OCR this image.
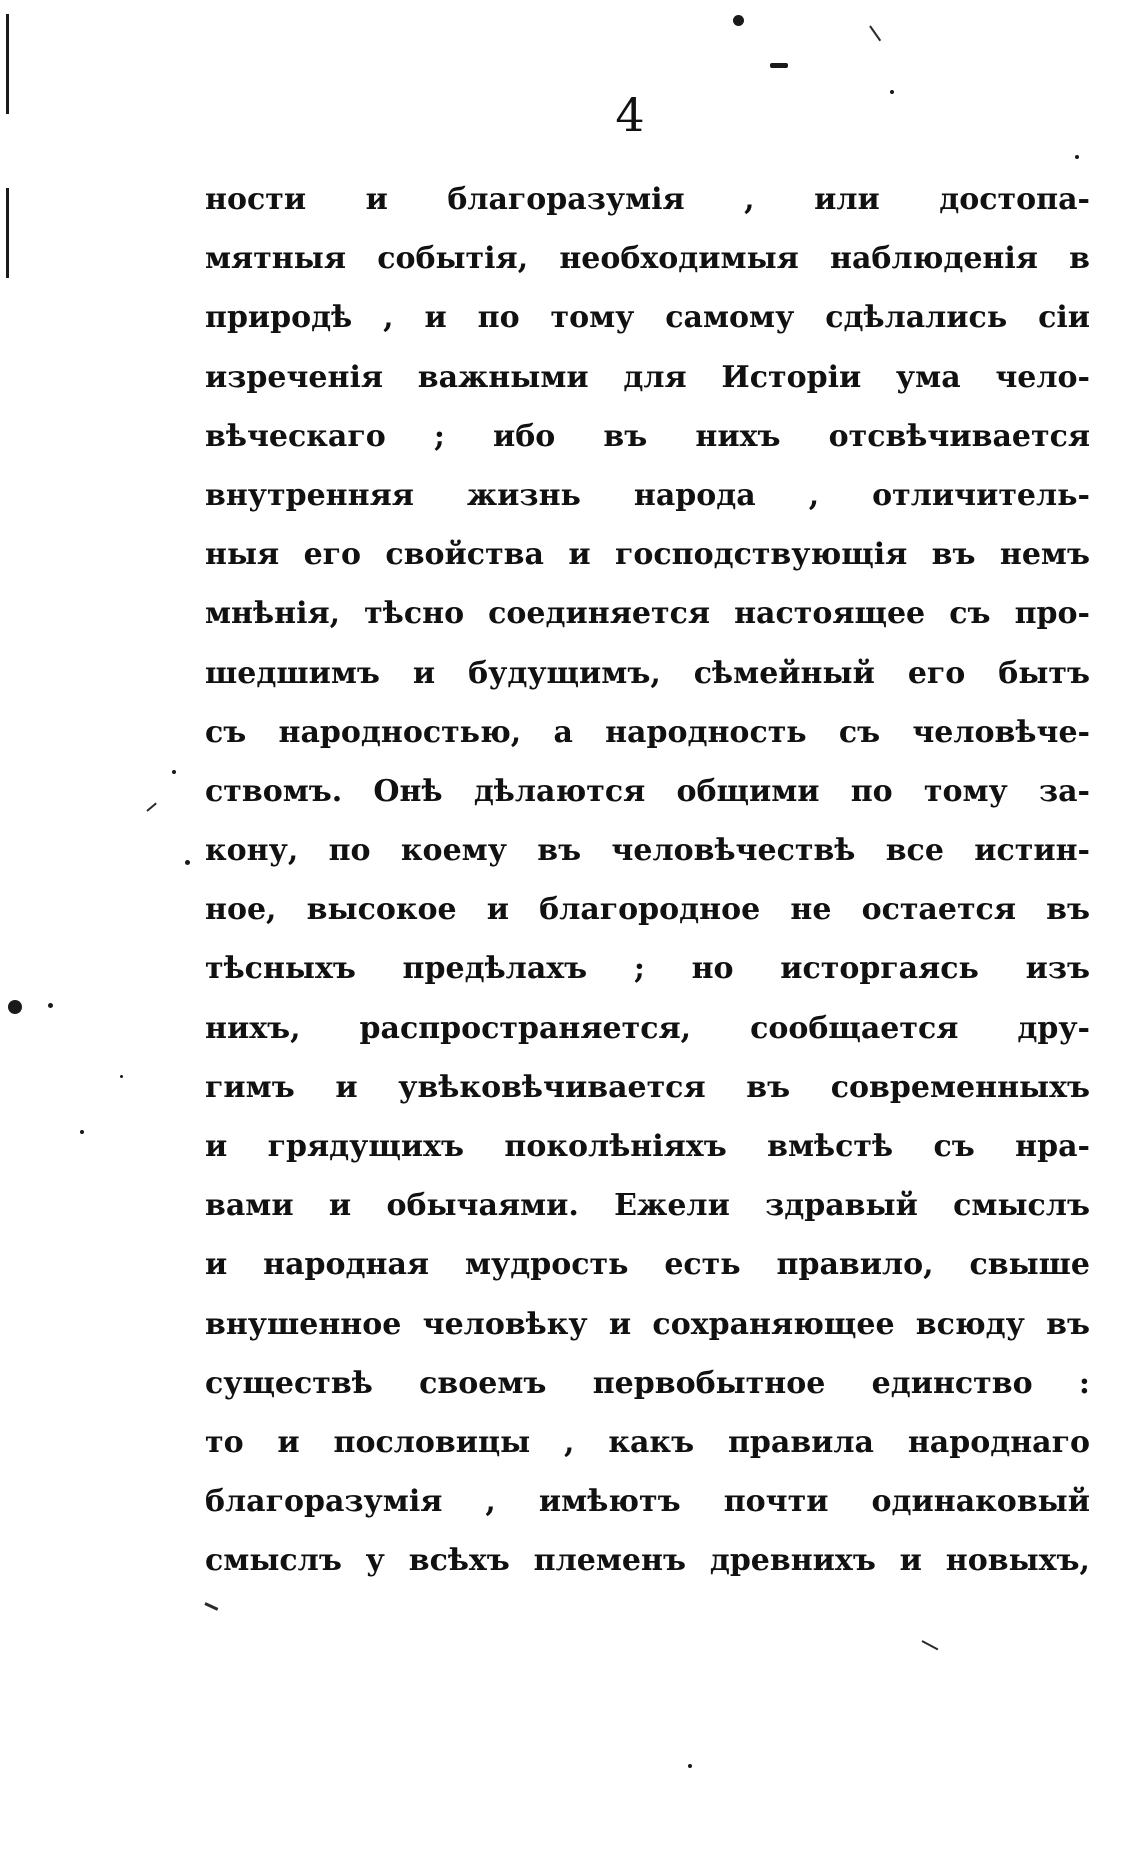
4
ности и благоразумія , или достопа-
мятныя событія, необходимыя наблюденія в
природѣ , и по тому самому сдѣлались сіи
изреченія важными для Исторіи ума чело-
вѣческаго ; ибо въ нихъ отсвѣчивается
внутренняя жизнь народа , отличитель-
ныя его свойства и господствующія въ немъ
мнѣнія, тѣсно соединяется настоящее съ про-
шедшимъ и будущимъ, сѣмейный его бытъ
съ народностью, а народность съ человѣче-
ствомъ. Онѣ дѣлаются общими по тому за-
кону, по коему въ человѣчествѣ все истин-
ное, высокое и благородное не остается въ
тѣсныхъ предѣлахъ ; но исторгаясь изъ
нихъ, распространяется, сообщается дру-
гимъ и увѣковѣчивается въ современныхъ
и грядущихъ поколѣніяхъ вмѣстѣ съ нра-
вами и обычаями. Ежели здравый смыслъ
и народная мудрость есть правило, свыше
внушенное человѣку и сохраняющее всюду въ
существѣ своемъ первобытное единство :
то и пословицы , какъ правила народнаго
благоразумія , имѣютъ почти одинаковый
смыслъ у всѣхъ племенъ древнихъ и новыхъ,
